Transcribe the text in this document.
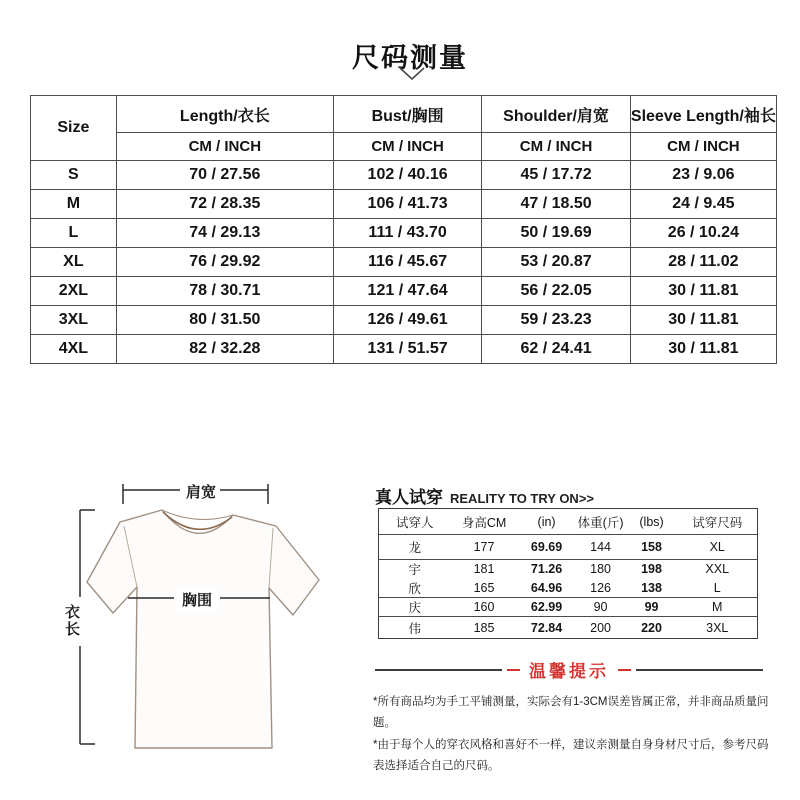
尺码测量
Size	Length/衣长	Bust/胸围	Shoulder/肩宽	Sleeve Length/袖长
	CM / INCH	CM / INCH	CM / INCH	CM / INCH
S	70 / 27.56	102 / 40.16	45 / 17.72	23 / 9.06
M	72 / 28.35	106 / 41.73	47 / 18.50	24 / 9.45
L	74 / 29.13	111 / 43.70	50 / 19.69	26 / 10.24
XL	76 / 29.92	116 / 45.67	53 / 20.87	28 / 11.02
2XL	78 / 30.71	121 / 47.64	56 / 22.05	30 / 11.81
3XL	80 / 31.50	126 / 49.61	59 / 23.23	30 / 11.81
4XL	82 / 32.28	131 / 51.57	62 / 24.41	30 / 11.81
肩宽
胸围
衣长
真人试穿 REALITY TO TRY ON>>
试穿人	身高CM	(in)	体重(斤)	(lbs)	试穿尺码
龙	177	69.69	144	158	XL
宇	181	71.26	180	198	XXL
欣	165	64.96	126	138	L
庆	160	62.99	90	99	M
伟	185	72.84	200	220	3XL
温馨提示

*所有商品均为手工平铺测量，实际会有1-3CM误差皆属正常，并非商品质量问题。

*由于每个人的穿衣风格和喜好不一样，建议亲测量自身身材尺寸后，参考尺码表选择适合自己的尺码。
